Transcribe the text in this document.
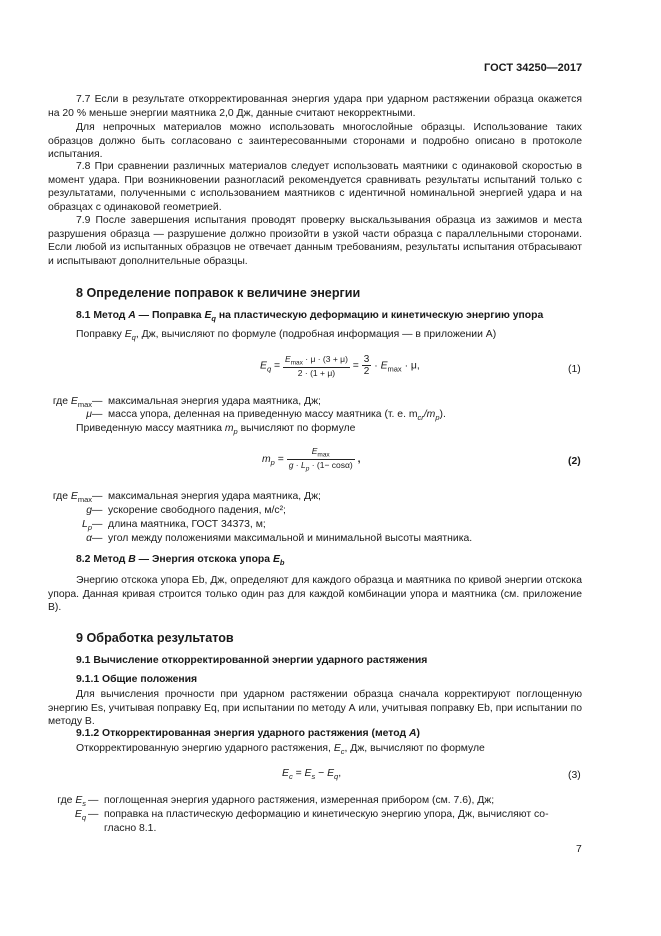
ГОСТ 34250—2017
7.7 Если в результате откорректированная энергия удара при ударном растяжении образца окажется на 20 % меньше энергии маятника 2,0 Дж, данные считают некорректными.
Для непрочных материалов можно использовать многослойные образцы. Использование таких образцов должно быть согласовано с заинтересованными сторонами и подробно описано в протоколе испытания.
7.8 При сравнении различных материалов следует использовать маятники с одинаковой скоростью в момент удара. При возникновении разногласий рекомендуется сравнивать результаты испытаний только с результатами, полученными с использованием маятников с идентичной номинальной энергией удара и на образцах с одинаковой геометрией.
7.9 После завершения испытания проводят проверку выскальзывания образца из зажимов и места разрушения образца — разрушение должно произойти в узкой части образца с параллельными сторонами. Если любой из испытанных образцов не отвечает данным требованиям, результаты испытания отбрасывают и испытывают дополнительные образцы.
8 Определение поправок к величине энергии
8.1 Метод А — Поправка $E_q$ на пластическую деформацию и кинетическую энергию упора
Поправку $E_q$, Дж, вычисляют по формуле (подробная информация — в приложении А)
$E_q = \frac{E_{max} \cdot \mu \cdot (3 + \mu)}{2 \cdot (1 + \mu)} = \frac{3}{2} \cdot E_{max} \cdot \mu$,	(1)
где $E_{max}$ — максимальная энергия удара маятника, Дж;
μ — масса упора, деленная на приведенную массу маятника (т. е. $m_{cr}/m_p$).
Приведенную массу маятника $m_p$ вычисляют по формуле
$m_p = \frac{E_{max}}{g \cdot L_p \cdot (1- \cos\alpha)}$ ,	(2)
где $E_{max}$ — максимальная энергия удара маятника, Дж;
g — ускорение свободного падения, м/с²;
$L_p$ — длина маятника, ГОСТ 34373, м;
α — угол между положениями максимальной и минимальной высоты маятника.
8.2 Метод В — Энергия отскока упора $E_b$
Энергию отскока упора Eb, Дж, определяют для каждого образца и маятника по кривой энергии отскока упора. Данная кривая строится только один раз для каждой комбинации упора и маятника (см. приложение В).
9 Обработка результатов
9.1 Вычисление откорректированной энергии ударного растяжения
9.1.1 Общие положения
Для вычисления прочности при ударном растяжении образца сначала корректируют поглощенную энергию Es, учитывая поправку Eq, при испытании по методу А или, учитывая поправку Eb, при испытании по методу В.
9.1.2 Откорректированная энергия ударного растяжения (метод А)
Откорректированную энергию ударного растяжения, $E_c$, Дж, вычисляют по формуле
$E_c = E_s - E_q$,	(3)
где $E_s$ — поглощенная энергия ударного растяжения, измеренная прибором (см. 7.6), Дж;
$E_q$ — поправка на пластическую деформацию и кинетическую энергию упора, Дж, вычисляют со-
гласно 8.1.
7
